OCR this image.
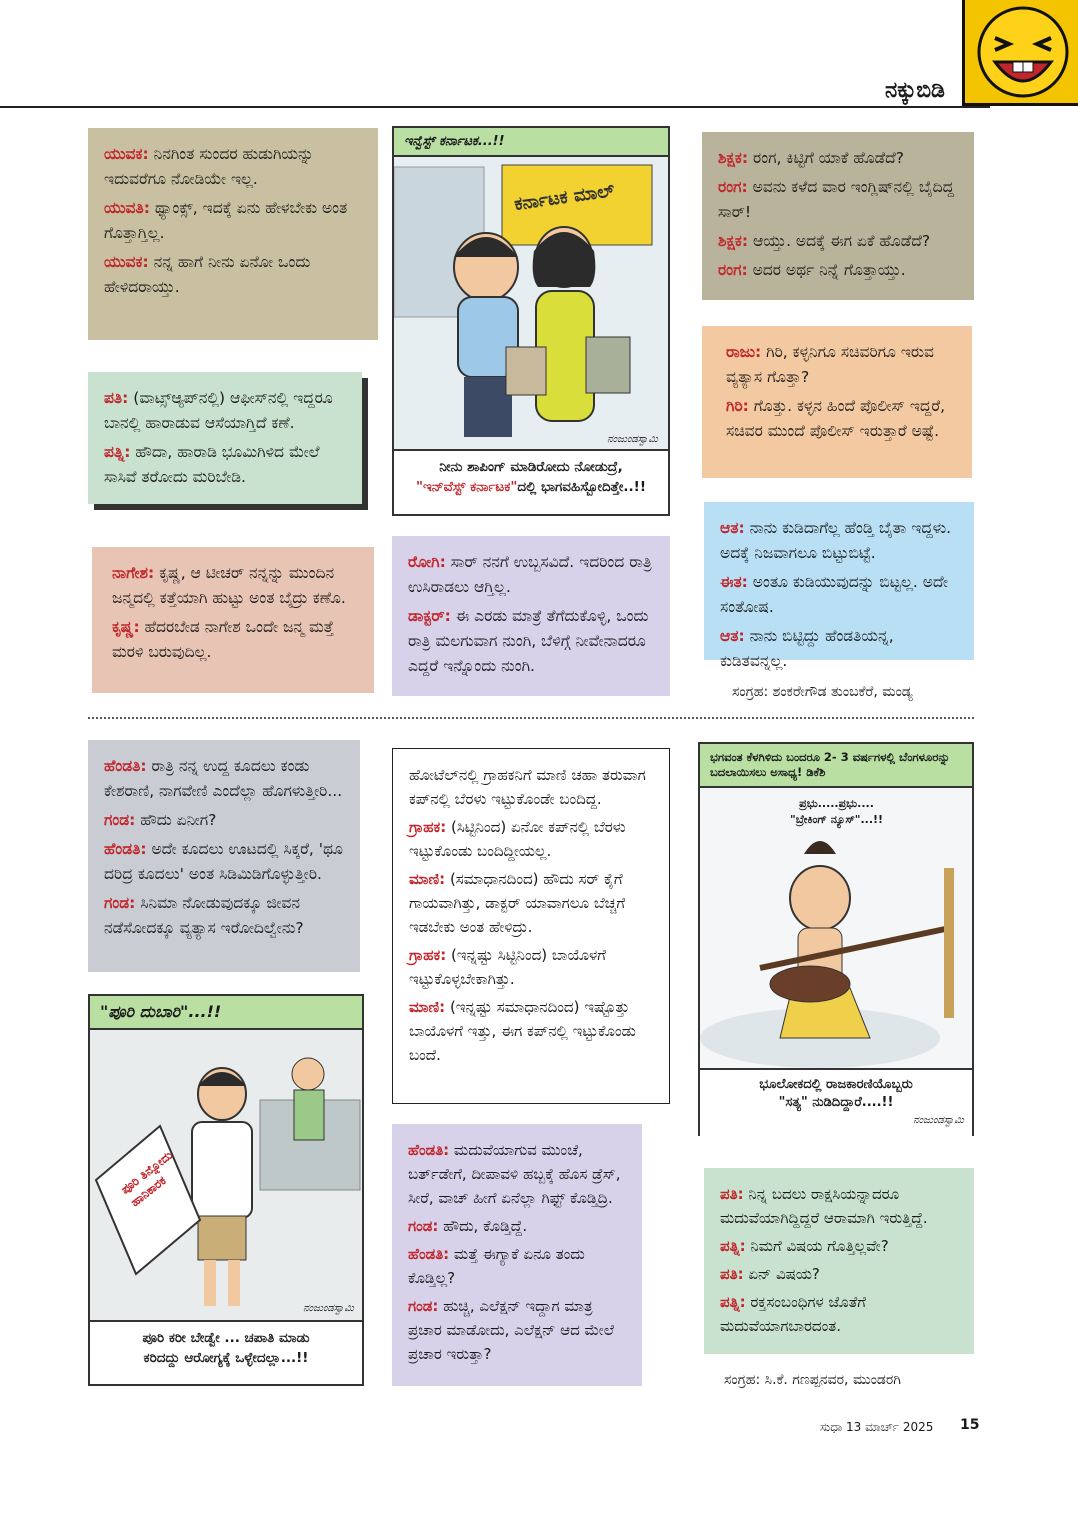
ನಕ್ಕುಬಿಡಿ

ಯುವಕ: ನಿನಗಿಂತ ಸುಂದರ ಹುಡುಗಿಯನ್ನು ಇದುವರೆಗೂ ನೋಡಿಯೇ ಇಲ್ಲ.

ಯುವತಿ: ಥ್ಯಾಂಕ್ಸ್, ಇದಕ್ಕೆ ಏನು ಹೇಳಬೇಕು ಅಂತ ಗೊತ್ತಾಗ್ತಿಲ್ಲ.

ಯುವಕ: ನನ್ನ ಹಾಗೆ ನೀನು ಏನೋ ಒಂದು ಹೇಳಿದರಾಯ್ತು.

ಪತಿ: (ವಾಟ್ಸ್ಆ್ಯಪ್‌ನಲ್ಲಿ) ಆಫೀಸ್‌ನಲ್ಲಿ ಇದ್ದರೂ ಬಾನಲ್ಲಿ ಹಾರಾಡುವ ಆಸೆಯಾಗ್ತಿದೆ ಕಣೆ.

ಪತ್ನಿ: ಹೌದಾ, ಹಾರಾಡಿ ಭೂಮಿಗಿಳಿದ ಮೇಲೆ ಸಾಸಿವೆ ತರೋದು ಮರಿಬೇಡಿ.

ನಾಗೇಶ: ಕೃಷ್ಣ, ಆ ಟೀಚರ್ ನನ್ನನ್ನು ಮುಂದಿನ ಜನ್ಮದಲ್ಲಿ ಕತ್ತೆಯಾಗಿ ಹುಟ್ಟು ಅಂತ ಬೈದ್ರು ಕಣೊ.

ಕೃಷ್ಣ: ಹೆದರಬೇಡ ನಾಗೇಶ ಒಂದೇ ಜನ್ಮ ಮತ್ತೆ ಮರಳಿ ಬರುವುದಿಲ್ಲ.

ಇನ್ವೆಸ್ಟ್ ಕರ್ನಾಟಕ...!!
ಕರ್ನಾಟಕ ಮಾಲ್
ನಂಜುಂಡಸ್ವಾಮಿ
ನೀನು ಶಾಪಿಂಗ್ ಮಾಡಿರೋದು ನೋಡುದ್ರೆ,
"ಇನ್‌ವೆಸ್ಟ್ ಕರ್ನಾಟಕ"ದಲ್ಲಿ ಭಾಗವಹಿಸ್ಬೋದಿತ್ತೇ..!!

ರೋಗಿ: ಸಾರ್ ನನಗೆ ಉಬ್ಬಸವಿದೆ. ಇದರಿಂದ ರಾತ್ರಿ ಉಸಿರಾಡಲು ಆಗ್ತಿಲ್ಲ.

ಡಾಕ್ಟರ್: ಈ ಎರಡು ಮಾತ್ರೆ ತೆಗೆದುಕೊಳ್ಳಿ, ಒಂದು ರಾತ್ರಿ ಮಲಗುವಾಗ ನುಂಗಿ, ಬೆಳಿಗ್ಗೆ ನೀವೇನಾದರೂ ಎದ್ದರೆ ಇನ್ನೊಂದು ನುಂಗಿ.

ಶಿಕ್ಷಕ: ರಂಗ, ಕಿಟ್ಟಿಗೆ ಯಾಕೆ ಹೊಡೆದೆ?

ರಂಗ: ಅವನು ಕಳೆದ ವಾರ ಇಂಗ್ಲಿಷ್‌ನಲ್ಲಿ ಬೈದಿದ್ದ ಸಾರ್!

ಶಿಕ್ಷಕ: ಆಯ್ತು. ಅದಕ್ಕೆ ಈಗ ಏಕೆ ಹೊಡೆದೆ?

ರಂಗ: ಅದರ ಅರ್ಥ ನಿನ್ನೆ ಗೊತ್ತಾಯ್ತು.

ರಾಜು: ಗಿರಿ, ಕಳ್ಳನಿಗೂ ಸಚಿವರಿಗೂ ಇರುವ ವ್ಯತ್ಯಾಸ ಗೊತ್ತಾ?

ಗಿರಿ: ಗೊತ್ತು. ಕಳ್ಳನ ಹಿಂದೆ ಪೊಲೀಸ್ ಇದ್ದರೆ, ಸಚಿವರ ಮುಂದೆ ಪೊಲೀಸ್ ಇರುತ್ತಾರೆ ಅಷ್ಟೆ.

ಆತ: ನಾನು ಕುಡಿದಾಗೆಲ್ಲ ಹೆಂಡ್ತಿ ಬೈತಾ ಇದ್ದಳು. ಅದಕ್ಕೆ ನಿಜವಾಗಲೂ ಬಿಟ್ಟುಬಿಟ್ಟೆ.

ಈತ: ಅಂತೂ ಕುಡಿಯುವುದನ್ನು ಬಿಟ್ಟಲ್ಲ. ಅದೇ ಸಂತೋಷ.

ಆತ: ನಾನು ಬಿಟ್ಟಿದ್ದು ಹೆಂಡತಿಯನ್ನ, ಕುಡಿತವನ್ನಲ್ಲ.

ಸಂಗ್ರಹ: ಶಂಕರೇಗೌಡ ತುಂಬಕೆರೆ, ಮಂಡ್ಯ

ಹೆಂಡತಿ: ರಾತ್ರಿ ನನ್ನ ಉದ್ದ ಕೂದಲು ಕಂಡು ಕೇಶರಾಣಿ, ನಾಗವೇಣಿ ಎಂದೆಲ್ಲಾ ಹೊಗಳುತ್ತೀರಿ...

ಗಂಡ: ಹೌದು ಏನೀಗ?

ಹೆಂಡತಿ: ಅದೇ ಕೂದಲು ಊಟದಲ್ಲಿ ಸಿಕ್ಕರೆ, 'ಥೂ ದರಿದ್ರ ಕೂದಲು' ಅಂತ ಸಿಡಿಮಿಡಿಗೊಳ್ಳುತ್ತೀರಿ.

ಗಂಡ: ಸಿನಿಮಾ ನೋಡುವುದಕ್ಕೂ ಜೀವನ ನಡೆಸೋದಕ್ಕೂ ವ್ಯತ್ಯಾಸ ಇರೋದಿಲ್ವೇನು?

"ಪೂರಿ ದುಬಾರಿ"...!!
ಪೂರಿ ತಿನ್ನೋದು ಹಾನಿಕಾರಕ
ನಂಜುಂಡಸ್ವಾಮಿ
ಪೂರಿ ಕರೀ ಬೇಡ್ವೇ ... ಚಪಾತಿ ಮಾಡು
ಕರಿದದ್ದು ಆರೋಗ್ಯಕ್ಕೆ ಒಳ್ಳೇದಲ್ಲಾ...!!

ಹೋಟೆಲ್‌ನಲ್ಲಿ ಗ್ರಾಹಕನಿಗೆ ಮಾಣಿ ಚಹಾ ತರುವಾಗ ಕಪ್‌ನಲ್ಲಿ ಬೆರಳು ಇಟ್ಟುಕೊಂಡೇ ಬಂದಿದ್ದ.

ಗ್ರಾಹಕ: (ಸಿಟ್ಟಿನಿಂದ) ಏನೋ ಕಪ್‌ನಲ್ಲಿ ಬೆರಳು ಇಟ್ಟುಕೊಂಡು ಬಂದಿದ್ದೀಯಲ್ಲ.

ಮಾಣಿ: (ಸಮಾಧಾನದಿಂದ) ಹೌದು ಸರ್ ಕೈಗೆ ಗಾಯವಾಗಿತ್ತು, ಡಾಕ್ಟರ್ ಯಾವಾಗಲೂ ಬೆಚ್ಚಗೆ ಇಡಬೇಕು ಅಂತ ಹೇಳಿದ್ರು.

ಗ್ರಾಹಕ: (ಇನ್ನಷ್ಟು ಸಿಟ್ಟಿನಿಂದ) ಬಾಯೊಳಗೆ ಇಟ್ಟುಕೊಳ್ಳಬೇಕಾಗಿತ್ತು.

ಮಾಣಿ: (ಇನ್ನಷ್ಟು ಸಮಾಧಾನದಿಂದ) ಇಷ್ಟೊತ್ತು ಬಾಯೊಳಗೆ ಇತ್ತು, ಈಗ ಕಪ್‌ನಲ್ಲಿ ಇಟ್ಟುಕೊಂಡು ಬಂದೆ.

ಹೆಂಡತಿ: ಮದುವೆಯಾಗುವ ಮುಂಚೆ, ಬರ್ತ್‌ಡೇಗೆ, ದೀಪಾವಳಿ ಹಬ್ಬಕ್ಕೆ ಹೊಸ ಡ್ರೆಸ್, ಸೀರೆ, ವಾಚ್ ಹೀಗೆ ಏನೆಲ್ಲಾ ಗಿಫ್ಟ್ ಕೊಡ್ತಿದ್ರಿ.

ಗಂಡ: ಹೌದು, ಕೊಡ್ತಿದ್ದೆ.

ಹೆಂಡತಿ: ಮತ್ತೆ ಈಗ್ಯಾಕೆ ಏನೂ ತಂದು ಕೊಡ್ತಿಲ್ಲ?

ಗಂಡ: ಹುಚ್ಚಿ, ಎಲೆಕ್ಷನ್ ಇದ್ದಾಗ ಮಾತ್ರ ಪ್ರಚಾರ ಮಾಡೋದು, ಎಲೆಕ್ಷನ್ ಆದ ಮೇಲೆ ಪ್ರಚಾರ ಇರುತ್ತಾ?

ಭಗವಂತ ಕೆಳಗಿಳಿದು ಬಂದರೂ 2- 3 ವರ್ಷಗಳಲ್ಲಿ ಬೆಂಗಳೂರನ್ನು ಬದಲಾಯಿಸಲು ಅಸಾಧ್ಯ! ಡಿಕೆಶಿ
ಪ್ರಭು.....ಪ್ರಭು....
"ಬ್ರೇಕಿಂಗ್ ನ್ಯೂಸ್"...!!
ಭೂಲೋಕದಲ್ಲಿ ರಾಜಕಾರಣಿಯೊಬ್ಬರು
"ಸತ್ಯ" ನುಡಿದಿದ್ದಾರೆ....!!
ನಂಜುಂಡಸ್ವಾಮಿ

ಪತಿ: ನಿನ್ನ ಬದಲು ರಾಕ್ಷಸಿಯನ್ನಾದರೂ ಮದುವೆಯಾಗಿದ್ದಿದ್ದರೆ ಆರಾಮಾಗಿ ಇರುತ್ತಿದ್ದೆ.

ಪತ್ನಿ: ನಿಮಗೆ ವಿಷಯ ಗೊತ್ತಿಲ್ಲವೇ?

ಪತಿ: ಏನ್ ವಿಷಯ?

ಪತ್ನಿ: ರಕ್ತಸಂಬಂಧಿಗಳ ಜೊತೆಗೆ ಮದುವೆಯಾಗಬಾರದಂತ.

ಸಂಗ್ರಹ: ಸಿ.ಕೆ. ಗಣಪ್ಪನವರ, ಮುಂಡರಗಿ
ಸುಧಾ 13 ಮಾರ್ಚ್ 2025 15
